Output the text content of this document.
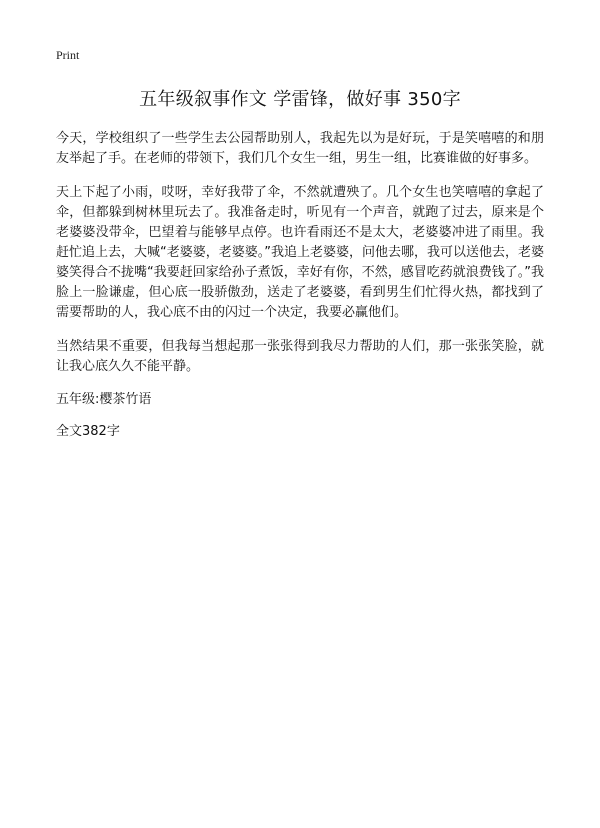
Print
五年级叙事作文 学雷锋，做好事 350字

今天，学校组织了一些学生去公园帮助别人，我起先以为是好玩，于是笑嘻嘻的和朋友举起了手。在老师的带领下，我们几个女生一组，男生一组，比赛谁做的好事多。

天上下起了小雨，哎呀，幸好我带了伞，不然就遭殃了。几个女生也笑嘻嘻的拿起了伞，但都躲到树林里玩去了。我准备走时，听见有一个声音，就跑了过去，原来是个老婆婆没带伞，巴望着与能够早点停。也许看雨还不是太大，老婆婆冲进了雨里。我赶忙追上去，大喊“老婆婆，老婆婆。”我追上老婆婆，问他去哪，我可以送他去，老婆婆笑得合不拢嘴“我要赶回家给孙子煮饭，幸好有你，不然，感冒吃药就浪费钱了。”我脸上一脸谦虚，但心底一股骄傲劲，送走了老婆婆，看到男生们忙得火热，都找到了需要帮助的人，我心底不由的闪过一个决定，我要必赢他们。

当然结果不重要，但我每当想起那一张张得到我尽力帮助的人们，那一张张笑脸，就让我心底久久不能平静。

五年级:樱茶竹语

全文382字
